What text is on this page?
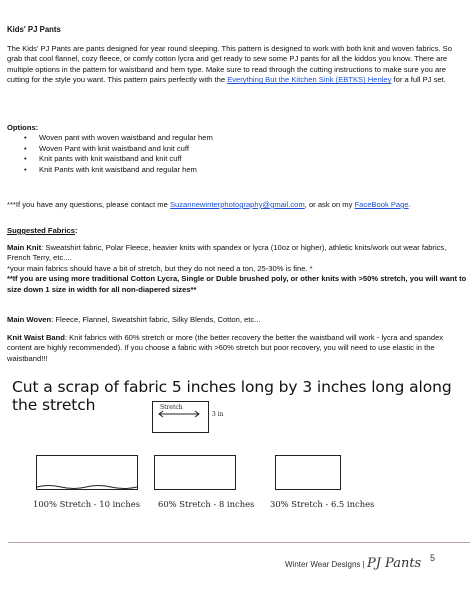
Kids' PJ Pants

The Kids' PJ Pants are pants designed for year round sleeping. This pattern is designed to work with both knit and woven fabrics. So grab that cool flannel, cozy fleece, or comfy cotton lycra and get ready to sew some PJ pants for all the kiddos you know. There are multiple options in the pattern for waistband and hem type. Make sure to read through the cutting instructions to make sure you are cutting for the style you want. This pattern pairs perfectly with the Everything But the Kitchen Sink (EBTKS) Henley for a full PJ set.

Options:

• Woven pant with woven waistband and regular hem
• Woven Pant with knit waistband and knit cuff
• Knit pants with knit waistband and knit cuff
• Knit Pants with knit waistband and regular hem

***If you have any questions, please contact me Suzannewinterphotography@gmail.com, or ask on my FaceBook Page.

Suggested Fabrics:

Main Knit: Sweatshirt fabric, Polar Fleece, heavier knits with spandex or lycra (10oz or higher), athletic knits/work out wear fabrics, French Terry, etc....

*your main fabrics should have a bit of stretch, but they do not need a ton, 25-30% is fine. *

**If you are using more traditional Cotton Lycra, Single or Duble brushed poly, or other knits with >50% stretch, you will want to size down 1 size in width for all non-diapered sizes**

Main Woven: Fleece, Flannel, Sweatshirt fabric, Silky Blends, Cotton, etc...

Knit Waist Band: Knit fabrics with 60% stretch or more (the better recovery the better the waistband will work - lycra and spandex content are highly recommended). If you choose a fabric with >60% stretch but poor recovery, you will need to use elastic in the waistband!!!

Cut a scrap of fabric 5 inches long by 3 inches long along the stretch	Stretch
3 in
100% Stretch - 10 inches 60% Stretch - 8 inches 30% Stretch - 6.5 inches
Winter Wear Designs | PJ Pants 5
